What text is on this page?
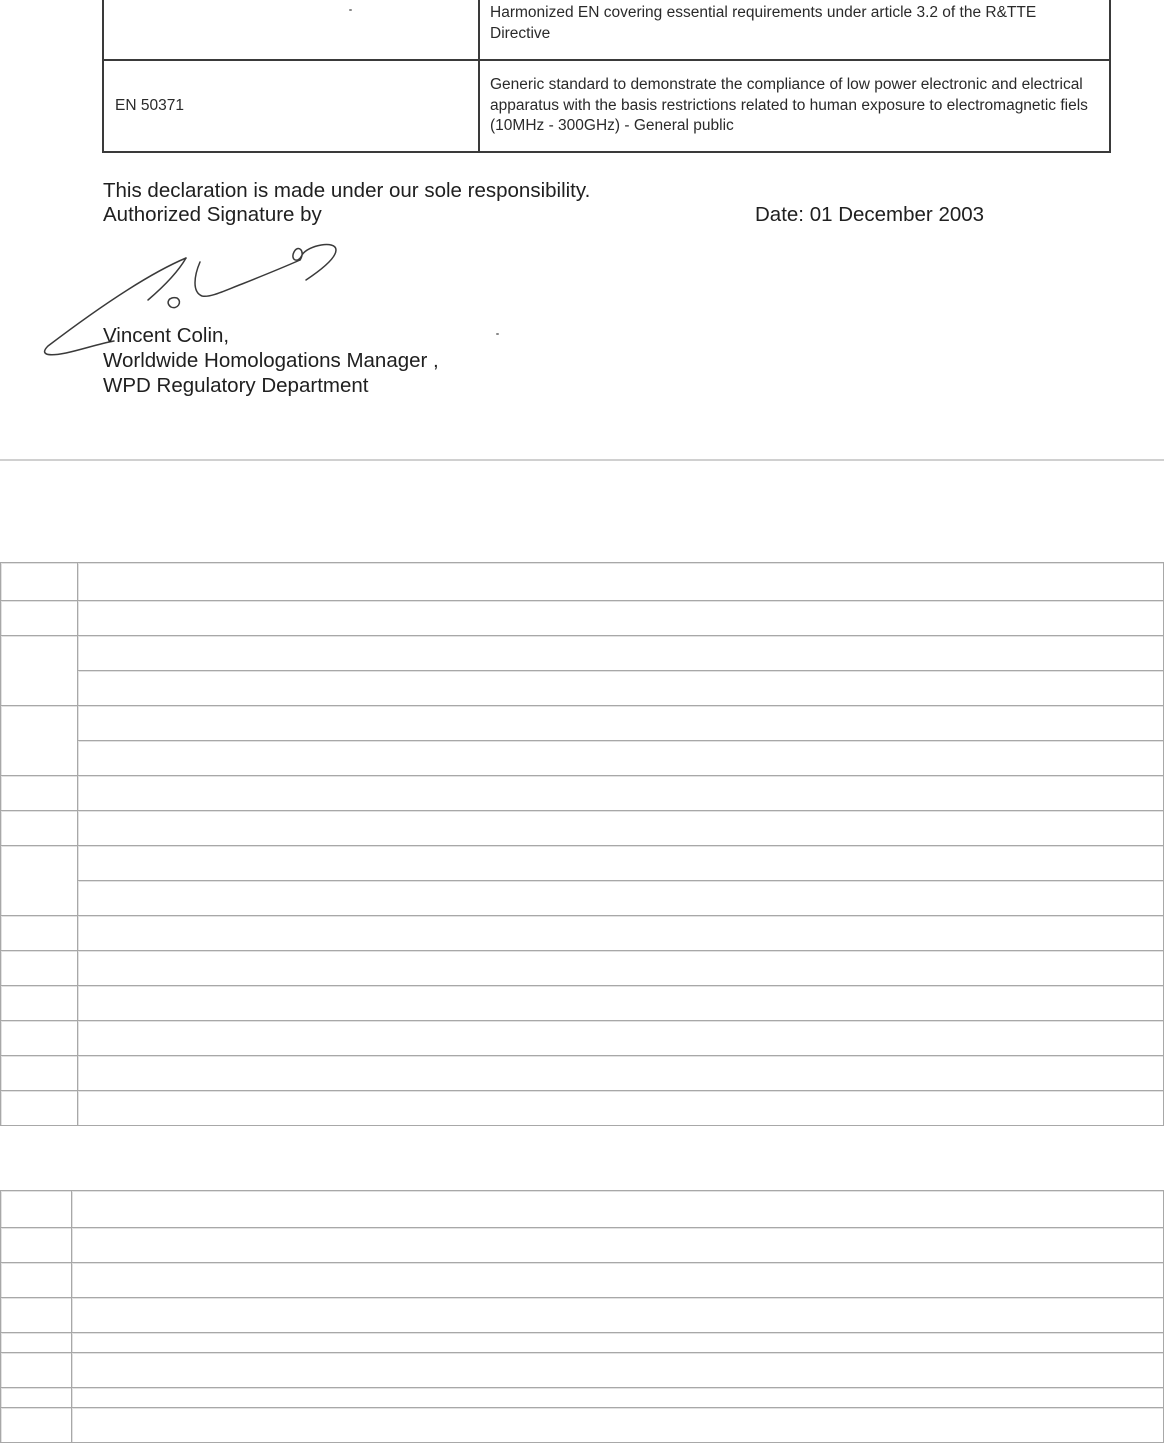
	Harmonized EN covering essential requirements under article 3.2 of the R&TTE Directive
EN 50371	Generic standard to demonstrate the compliance of low power electronic and electrical apparatus with the basis restrictions related to human exposure to electromagnetic fiels (10MHz - 300GHz) - General public

This declaration is made under our sole responsibility.

Authorized Signature by	Date: 01 December 2003

Vincent Colin,

Worldwide Homologations Manager ,

WPD Regulatory Department
